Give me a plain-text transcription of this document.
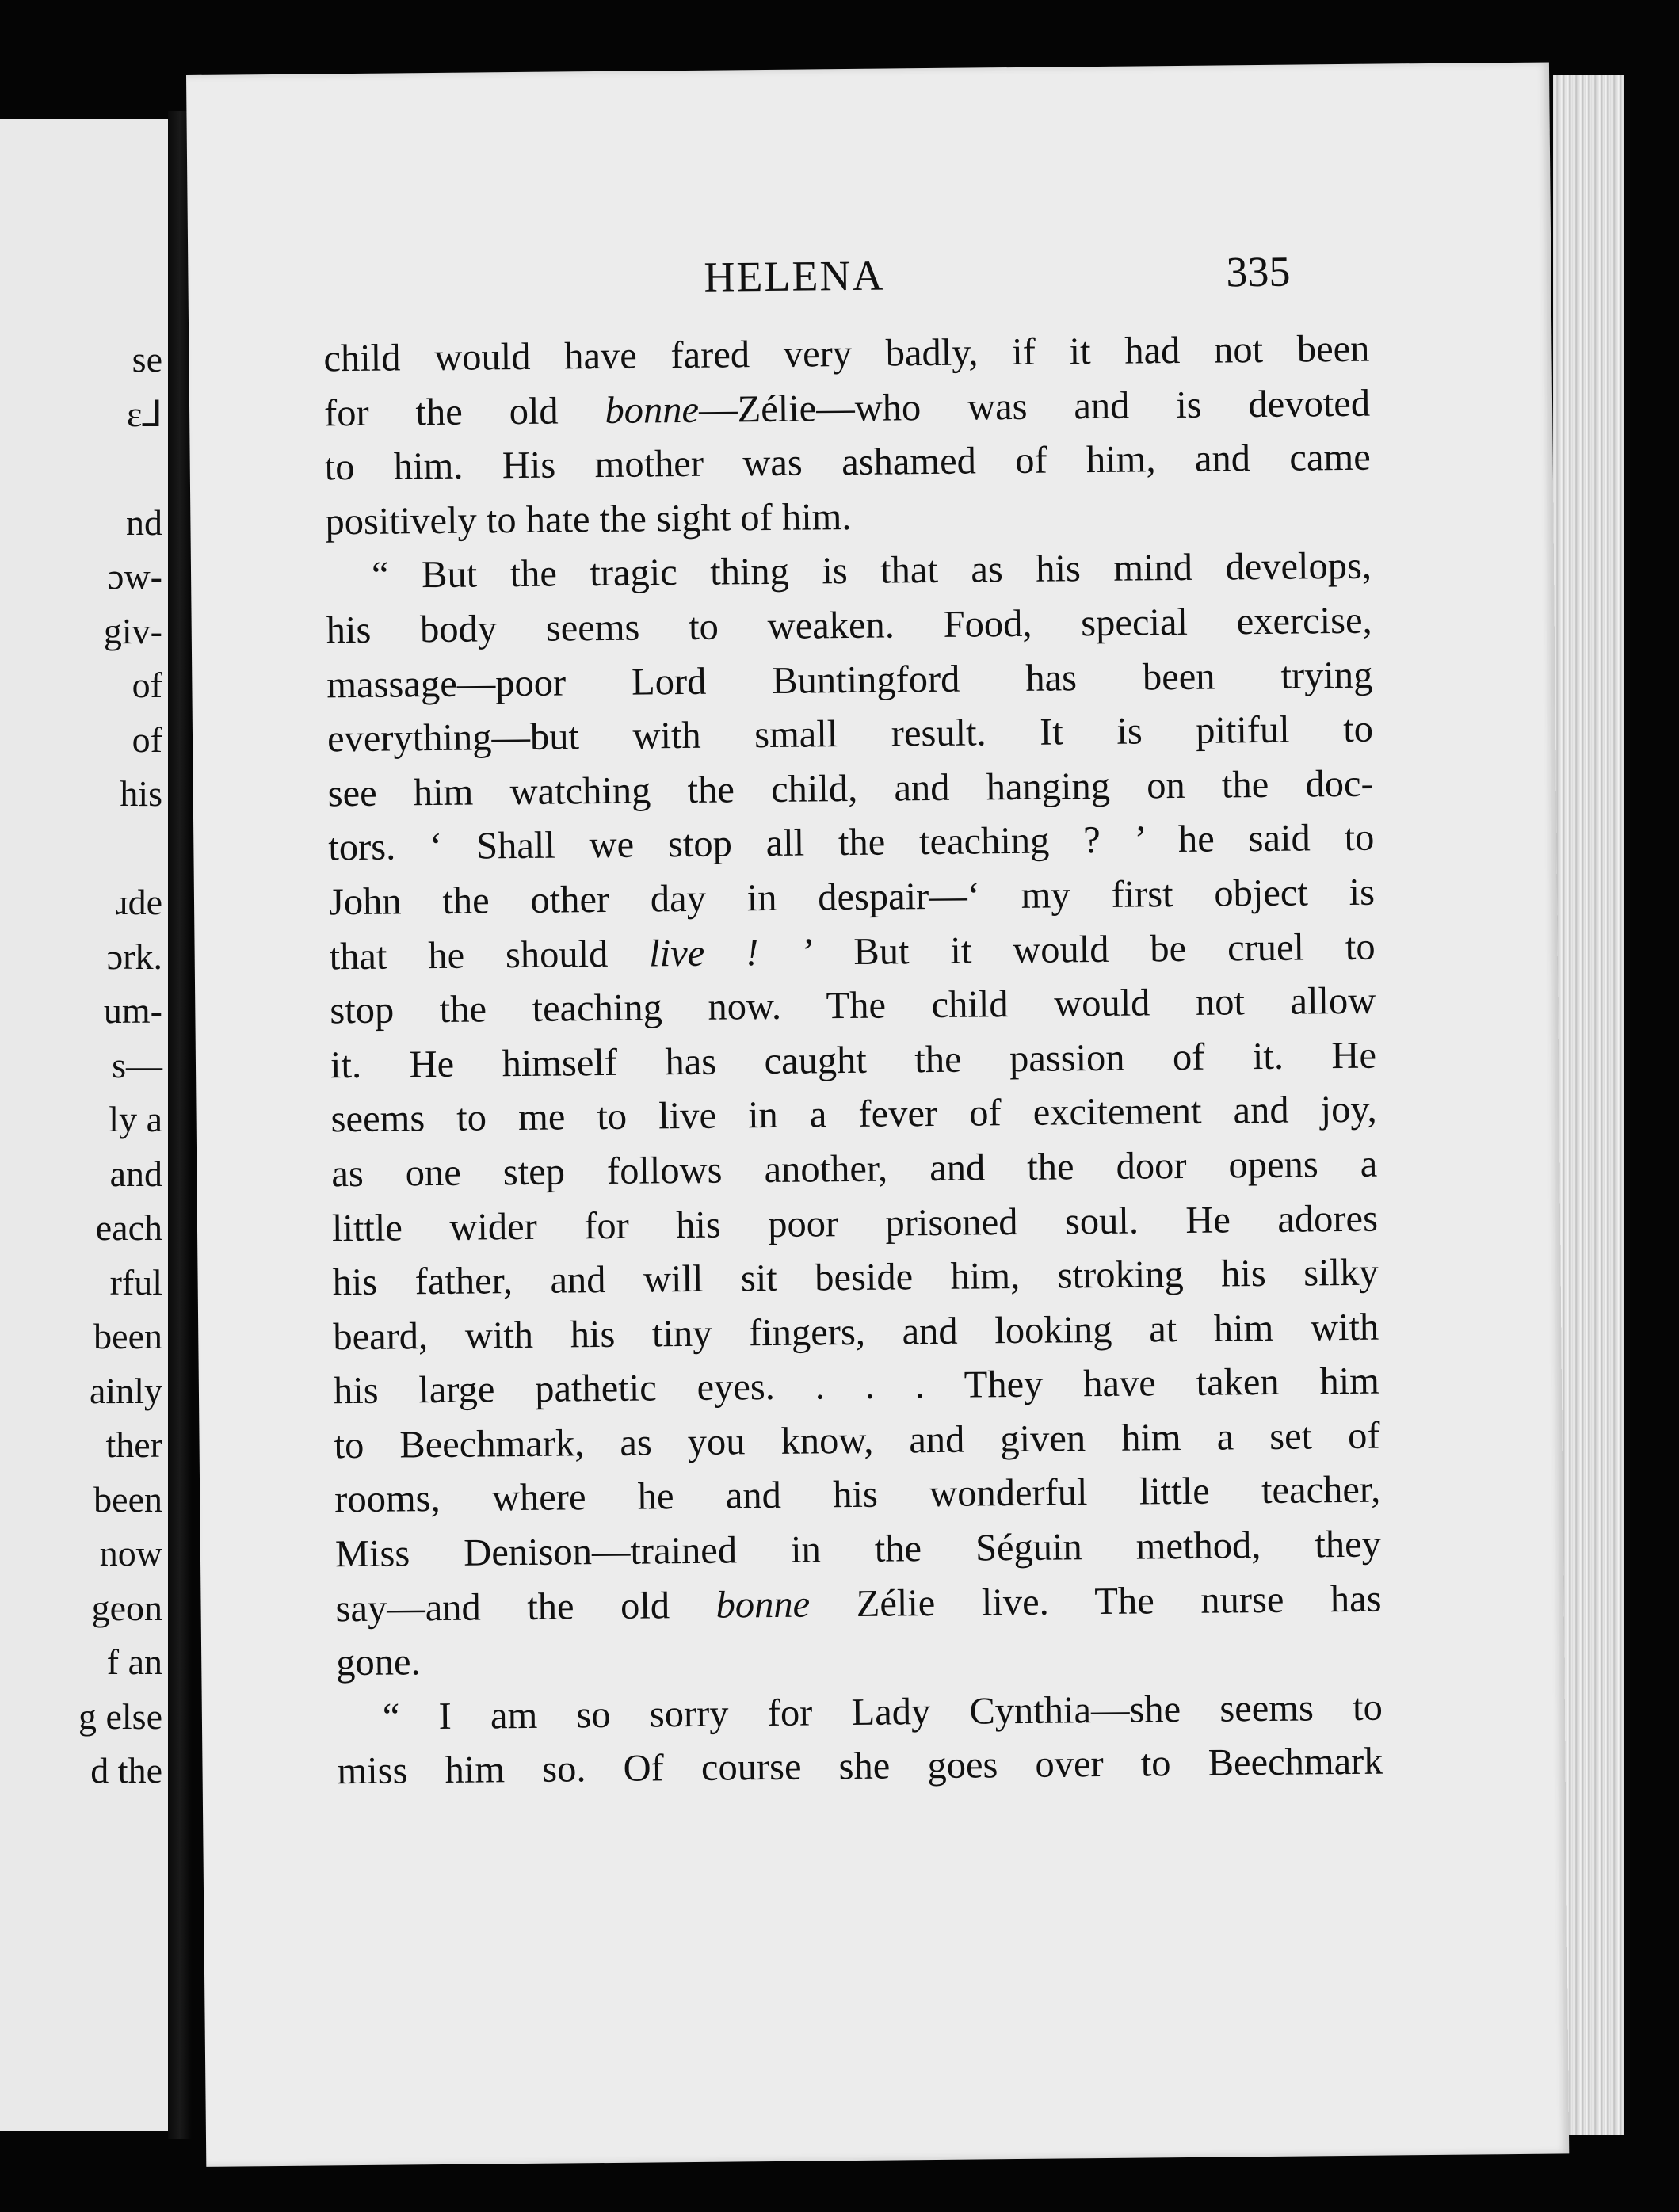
se
ɛ⅃
nd
ɔw-
giv-
of
of
his
ɹde
ɔrk.
um-
s—
ly a
and
each
rful
been
ainly
ther
been
now
geon
f an
g else
d the
HELENA	335
child would have fared very badly, if it had not been
for the old bonne—Zélie—who was and is devoted
to him. His mother was ashamed of him, and came
positively to hate the sight of him.
“ But the tragic thing is that as his mind develops,
his body seems to weaken. Food, special exercise,
massage—poor Lord Buntingford has been trying
everything—but with small result. It is pitiful to
see him watching the child, and hanging on the doc-
tors. ‘ Shall we stop all the teaching ? ’ he said to
John the other day in despair—‘ my first object is
that he should live ! ’ But it would be cruel to
stop the teaching now. The child would not allow
it. He himself has caught the passion of it. He
seems to me to live in a fever of excitement and joy,
as one step follows another, and the door opens a
little wider for his poor prisoned soul. He adores
his father, and will sit beside him, stroking his silky
beard, with his tiny fingers, and looking at him with
his large pathetic eyes. . . . They have taken him
to Beechmark, as you know, and given him a set of
rooms, where he and his wonderful little teacher,
Miss Denison—trained in the Séguin method, they
say—and the old bonne Zélie live. The nurse has
gone.
“ I am so sorry for Lady Cynthia—she seems to
miss him so. Of course she goes over to Beechmark
